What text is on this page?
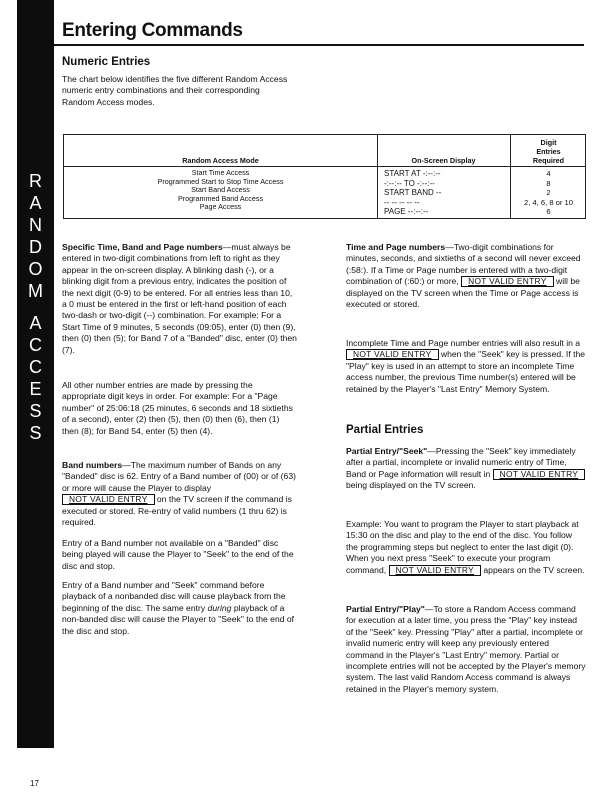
R
A
N
D
O
M
A
C
C
E
S
S
Entering Commands
Numeric Entries

The chart below identifies the five different Random Access numeric entry combinations and their corresponding Random Access modes.

Random Access Mode	On-Screen Display
Digit
Entries
Required
Start Time Access
Programmed Start to Stop Time Access
Start Band Access
Programmed Band Access
Page Access
START AT -:--:--
-:--:-- TO -:--:--
START BAND --
-- -- -- -- --
PAGE --:--:--
4
8
2
2, 4, 6, 8 or 10
6

Specific Time, Band and Page numbers—must always be entered in two-digit combinations from left to right as they appear in the on-screen display. A blinking dash (-), or a blinking digit from a previous entry, indicates the position of the next digit (0-9) to be entered. For all entries less than 10, a 0 must be entered in the first or left-hand position of each two-dash or two-digit (--) combination. For example: For a Start Time of 9 minutes, 5 seconds (09:05), enter (0) then (9), then (0) then (5); for Band 7 of a "Banded" disc, enter (0) then (7).

All other number entries are made by pressing the appropriate digit keys in order. For example: For a "Page number" of 25:06:18 (25 minutes, 6 seconds and 18 sixtieths of a second), enter (2) then (5), then (0) then (6), then (1) then (8); for Band 54, enter (5) then (4).

Band numbers—The maximum number of Bands on any "Banded" disc is 62. Entry of a Band number of (00) or of (63) or more will cause the Player to display NOT VALID ENTRY on the TV screen if the command is executed or stored. Re-entry of valid numbers (1 thru 62) is required.

Entry of a Band number not available on a "Banded" disc being played will cause the Player to "Seek" to the end of the disc and stop.

Entry of a Band number and "Seek" command before playback of a nonbanded disc will cause playback from the beginning of the disc. The same entry during playback of a non-banded disc will cause the Player to "Seek" to the end of the disc and stop.

Time and Page numbers—Two-digit combinations for minutes, seconds, and sixtieths of a second will never exceed (:58:). If a Time or Page number is entered with a two-digit combination of (:60:) or more, NOT VALID ENTRY will be displayed on the TV screen when the Time or Page access is executed or stored.

Incomplete Time and Page number entries will also result in a NOT VALID ENTRY when the "Seek" key is pressed. If the "Play" key is used in an attempt to store an incomplete Time access number, the previous Time number(s) entered will be retained by the Player's "Last Entry" Memory System.

Partial Entries

Partial Entry/"Seek"—Pressing the "Seek" key immediately after a partial, incomplete or invalid numeric entry of Time, Band or Page information will result in NOT VALID ENTRY being displayed on the TV screen.

Example: You want to program the Player to start playback at 15:30 on the disc and play to the end of the disc. You follow the programming steps but neglect to enter the last digit (0). When you next press "Seek" to execute your program command, NOT VALID ENTRY appears on the TV screen.

Partial Entry/"Play"—To store a Random Access command for execution at a later time, you press the "Play" key instead of the "Seek" key. Pressing "Play" after a partial, incomplete or invalid numeric entry will keep any previously entered command in the Player's "Last Entry" memory. Partial or incomplete entries will not be accepted by the Player's memory system. The last valid Random Access command is always retained in the Player's memory system.

17
